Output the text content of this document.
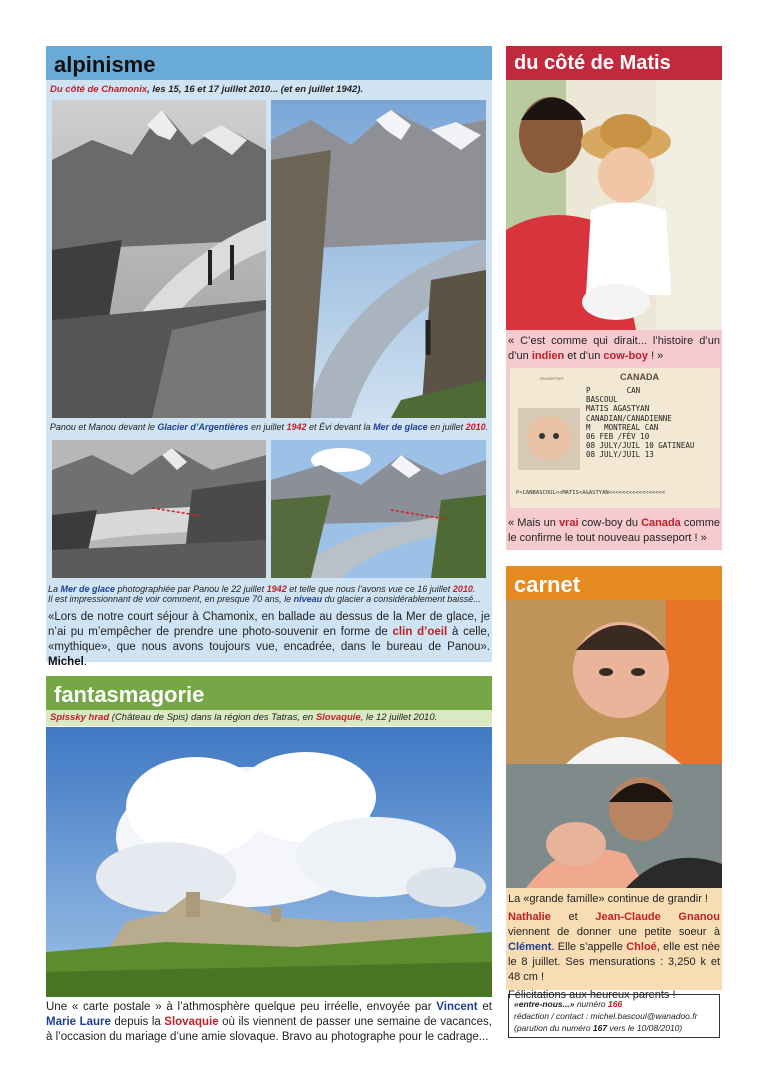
alpinisme
Du côté de Chamonix, les 15, 16 et 17 juillet 2010... (et en juillet 1942).
Panou et Manou devant le Glacier d’Argentières en juillet 1942 et Évi devant la Mer de glace en juillet 2010.
La Mer de glace photographiée par Panou le 22 juillet 1942 et telle que nous l’avons vue ce 16 juillet 2010.
Il est impressionnant de voir comment, en presque 70 ans, le niveau du glacier a considérablement baissé...
«Lors de notre court séjour à Chamonix, en ballade au dessus de la Mer de glace, je n’ai pu m’empêcher de prendre une photo-souvenir en forme de clin d’oeil à celle, «mythique», que nous avons toujours vue, encadrée, dans le bureau de Panou». Michel.
fantasmagorie
Spissky hrad (Château de Spis) dans la région des Tatras, en Slovaquie, le 12 juillet 2010.
Une « carte postale » à l’athmosphère quelque peu irréelle, envoyée par Vincent et Marie Laure depuis la Slovaquie où ils viennent de passer une semaine de vacances, à l’occasion du mariage d’une amie slovaque. Bravo au photographe pour le cadrage...
du côté de Matis
« C’est comme qui dirait... l’histoire d’un d’un indien et d’un cow-boy ! »
CANADA
PASSEPORT
P	CAN
BASCOUL
MATIS AGASTYAN
CANADIAN/CANADIENNE
M MONTREAL CAN
06 FEB /FÉV 10
08 JULY/JUIL 10 GATINEAU
08 JULY/JUIL 13
P<CANBASCOUL<<MATIS<AGASTYAN<<<<<<<<<<<<<<<<<
« Mais un vrai cow-boy du Canada comme le confirme le tout nouveau passeport ! »
carnet
La «grande famille» continue de grandir !
Nathalie et Jean-Claude Gnanou viennent de donner une petite soeur à Clément. Elle s’appelle Chloé, elle est née le 8 juillet. Ses mensurations : 3,250 k et 48 cm !
Félicitations aux heureux parents !
«entre-nous...» numéro 166
rédaction / contact : michel.bascoul@wanadoo.fr
(parution du numéro 167 vers le 10/08/2010)
